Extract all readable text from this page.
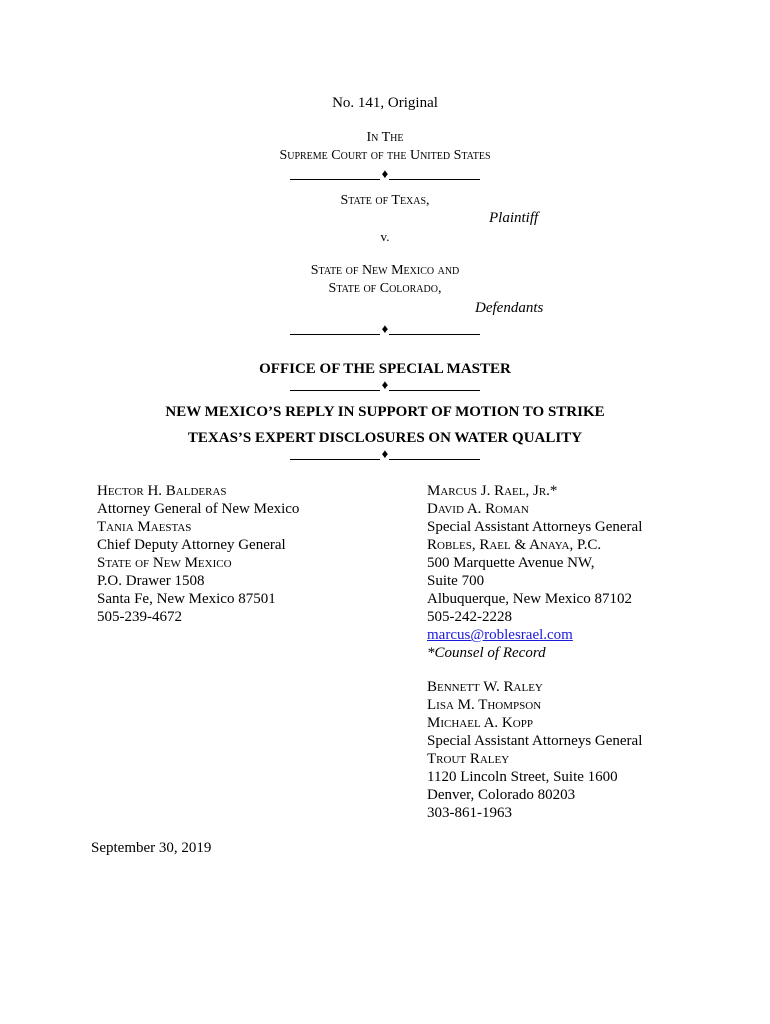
No. 141, Original
In The
Supreme Court of the United States
♦
State of Texas,
Plaintiff
v.
State of New Mexico and
State of Colorado,
Defendants
♦
OFFICE OF THE SPECIAL MASTER
♦
NEW MEXICO’S REPLY IN SUPPORT OF MOTION TO STRIKE
TEXAS’S EXPERT DISCLOSURES ON WATER QUALITY
♦
Hector H. Balderas
Attorney General of New Mexico
Tania Maestas
Chief Deputy Attorney General
State of New Mexico
P.O. Drawer 1508
Santa Fe, New Mexico 87501
505-239-4672
Marcus J. Rael, Jr.*
David A. Roman
Special Assistant Attorneys General
Robles, Rael & Anaya, P.C.
500 Marquette Avenue NW,
Suite 700
Albuquerque, New Mexico 87102
505-242-2228
marcus@roblesrael.com
*Counsel of Record
Bennett W. Raley
Lisa M. Thompson
Michael A. Kopp
Special Assistant Attorneys General
Trout Raley
1120 Lincoln Street, Suite 1600
Denver, Colorado 80203
303-861-1963
September 30, 2019
